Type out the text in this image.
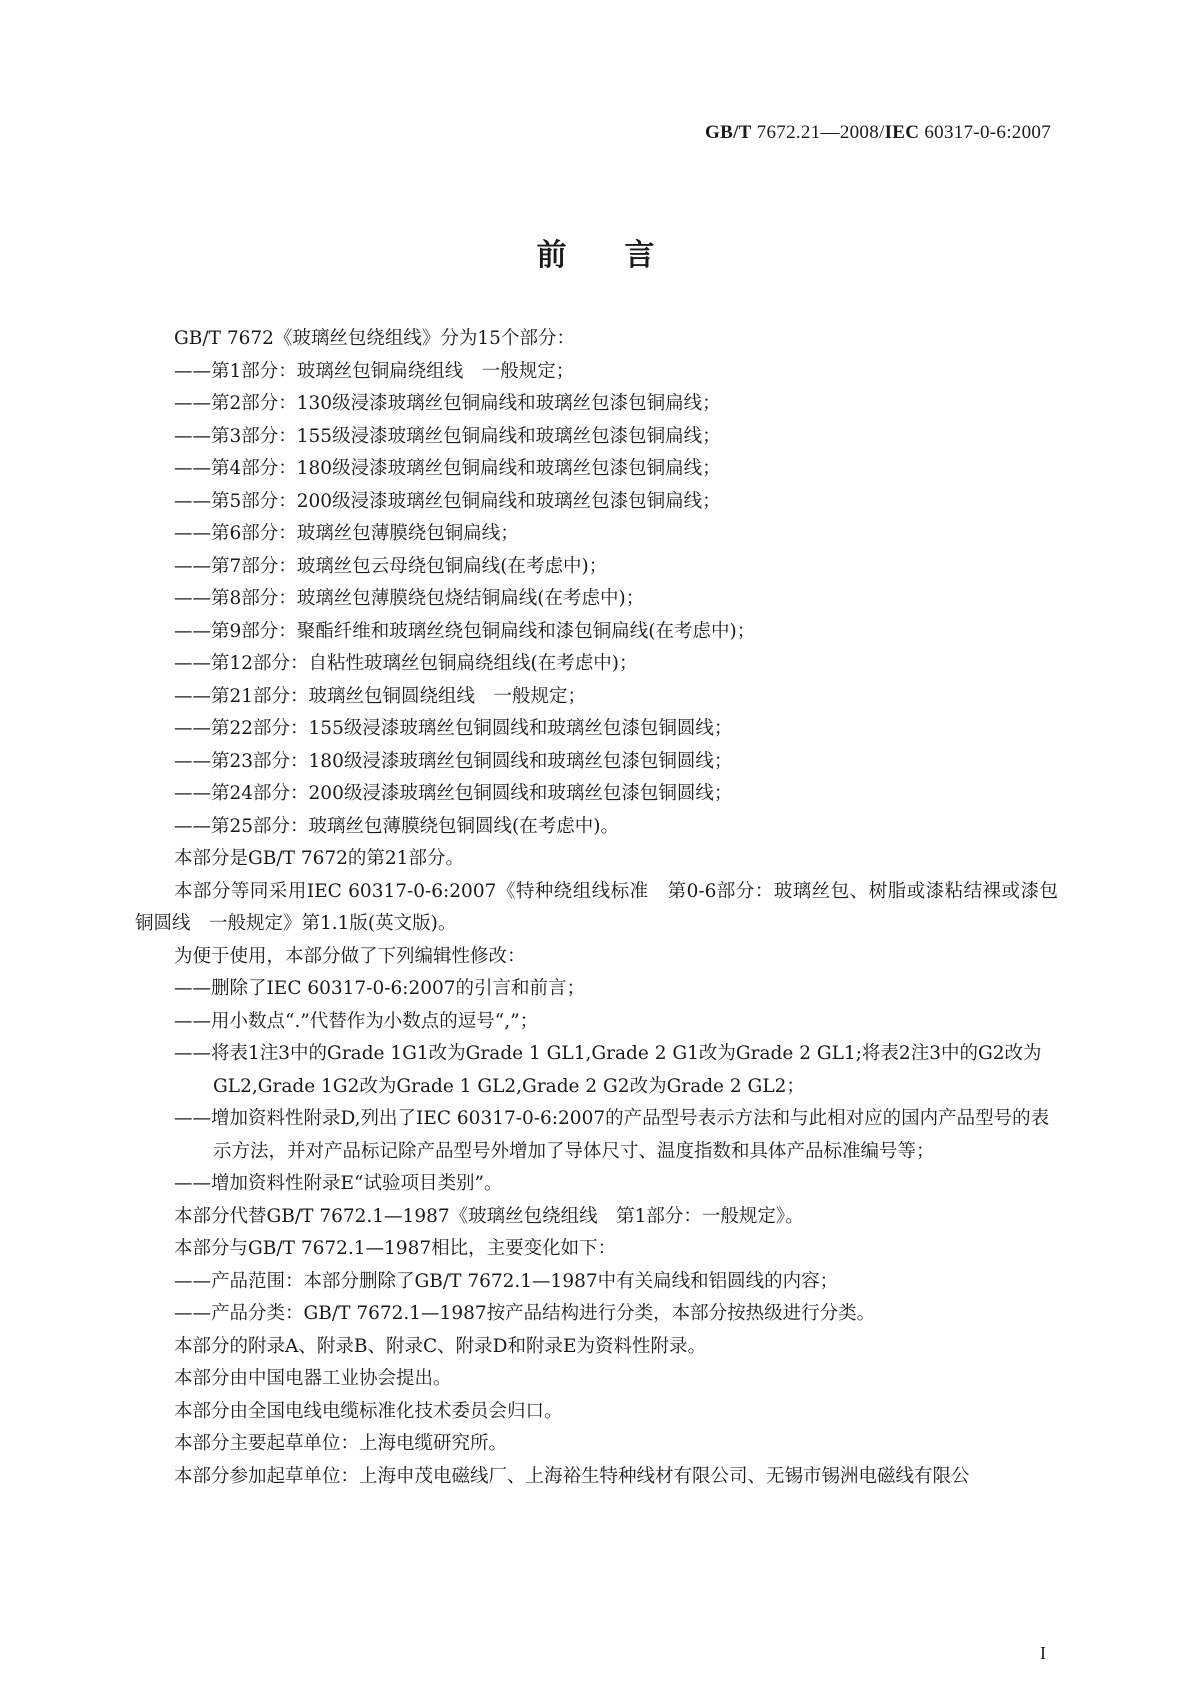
GB/T 7672.21—2008/IEC 60317-0-6:2007
前言
GB/T 7672《玻璃丝包绕组线》分为15个部分：
——第1部分：玻璃丝包铜扁绕组线　一般规定；
——第2部分：130级浸漆玻璃丝包铜扁线和玻璃丝包漆包铜扁线；
——第3部分：155级浸漆玻璃丝包铜扁线和玻璃丝包漆包铜扁线；
——第4部分：180级浸漆玻璃丝包铜扁线和玻璃丝包漆包铜扁线；
——第5部分：200级浸漆玻璃丝包铜扁线和玻璃丝包漆包铜扁线；
——第6部分：玻璃丝包薄膜绕包铜扁线；
——第7部分：玻璃丝包云母绕包铜扁线(在考虑中)；
——第8部分：玻璃丝包薄膜绕包烧结铜扁线(在考虑中)；
——第9部分：聚酯纤维和玻璃丝绕包铜扁线和漆包铜扁线(在考虑中)；
——第12部分：自粘性玻璃丝包铜扁绕组线(在考虑中)；
——第21部分：玻璃丝包铜圆绕组线　一般规定；
——第22部分：155级浸漆玻璃丝包铜圆线和玻璃丝包漆包铜圆线；
——第23部分：180级浸漆玻璃丝包铜圆线和玻璃丝包漆包铜圆线；
——第24部分：200级浸漆玻璃丝包铜圆线和玻璃丝包漆包铜圆线；
——第25部分：玻璃丝包薄膜绕包铜圆线(在考虑中)。
本部分是GB/T 7672的第21部分。
本部分等同采用IEC 60317-0-6:2007《特种绕组线标准　第0-6部分：玻璃丝包、树脂或漆粘结裸或漆包铜圆线　一般规定》第1.1版(英文版)。
为便于使用，本部分做了下列编辑性修改：
——删除了IEC 60317-0-6:2007的引言和前言；
——用小数点“.”代替作为小数点的逗号“,”；
——将表1注3中的Grade 1G1改为Grade 1 GL1,Grade 2 G1改为Grade 2 GL1;将表2注3中的G2改为GL2,Grade 1G2改为Grade 1 GL2,Grade 2 G2改为Grade 2 GL2；
——增加资料性附录D,列出了IEC 60317-0-6:2007的产品型号表示方法和与此相对应的国内产品型号的表示方法，并对产品标记除产品型号外增加了导体尺寸、温度指数和具体产品标准编号等；
——增加资料性附录E“试验项目类别”。
本部分代替GB/T 7672.1—1987《玻璃丝包绕组线　第1部分：一般规定》。
本部分与GB/T 7672.1—1987相比，主要变化如下：
——产品范围：本部分删除了GB/T 7672.1—1987中有关扁线和铝圆线的内容；
——产品分类：GB/T 7672.1—1987按产品结构进行分类，本部分按热级进行分类。
本部分的附录A、附录B、附录C、附录D和附录E为资料性附录。
本部分由中国电器工业协会提出。
本部分由全国电线电缆标准化技术委员会归口。
本部分主要起草单位：上海电缆研究所。
本部分参加起草单位：上海申茂电磁线厂、上海裕生特种线材有限公司、无锡市锡洲电磁线有限公
I
